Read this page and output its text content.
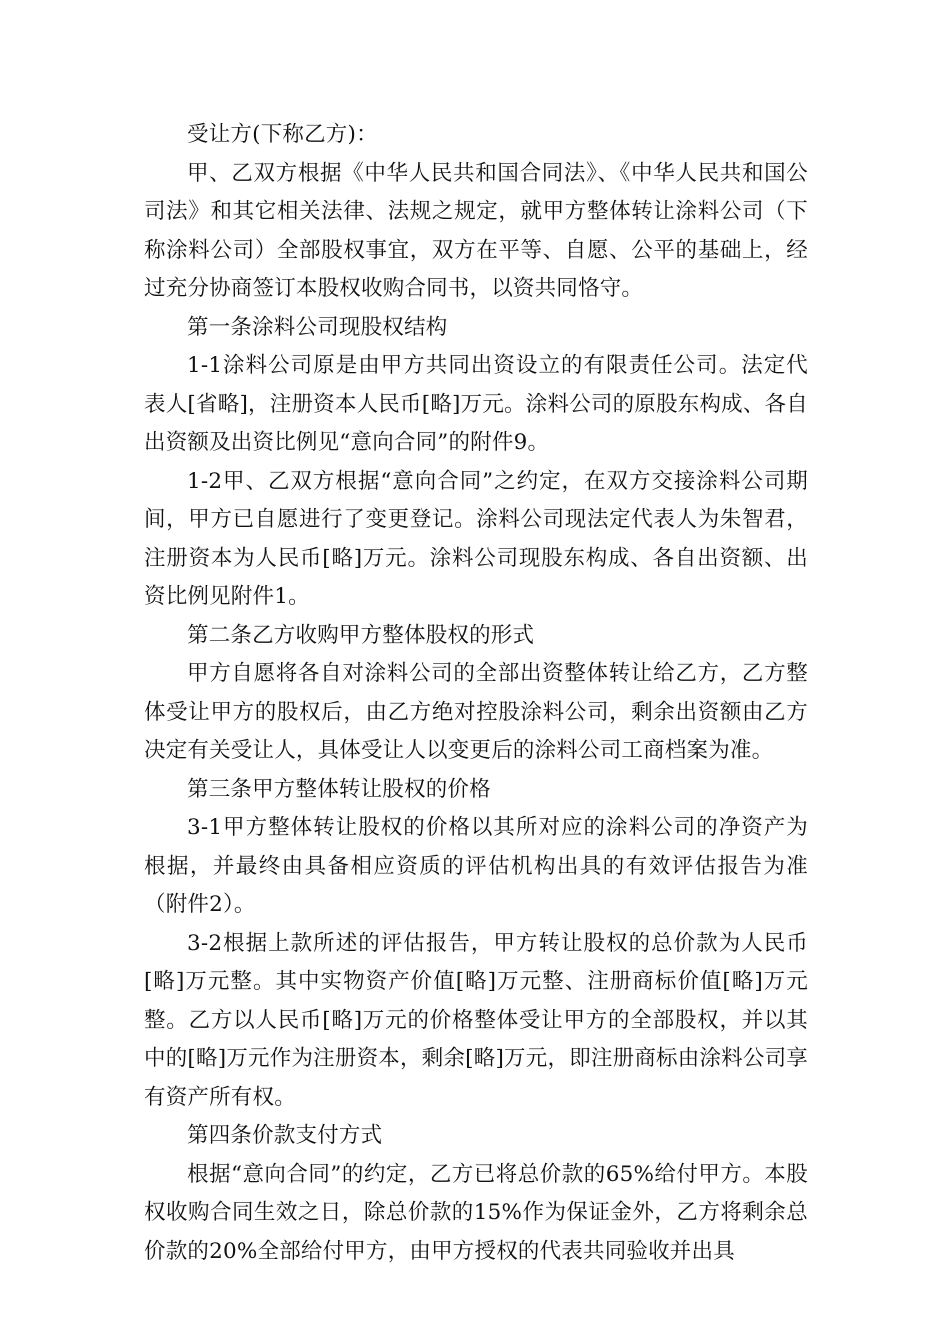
受让方(下称乙方)：

甲、乙双方根据《中华人民共和国合同法》、《中华人民共和国公司法》和其它相关法律、法规之规定，就甲方整体转让涂料公司（下称涂料公司）全部股权事宜，双方在平等、自愿、公平的基础上，经过充分协商签订本股权收购合同书，以资共同恪守。

第一条涂料公司现股权结构

1-1涂料公司原是由甲方共同出资设立的有限责任公司。法定代表人[省略]，注册资本人民币[略]万元。涂料公司的原股东构成、各自出资额及出资比例见“意向合同”的附件9。

1-2甲、乙双方根据“意向合同”之约定，在双方交接涂料公司期间，甲方已自愿进行了变更登记。涂料公司现法定代表人为朱智君，注册资本为人民币[略]万元。涂料公司现股东构成、各自出资额、出资比例见附件1。

第二条乙方收购甲方整体股权的形式

甲方自愿将各自对涂料公司的全部出资整体转让给乙方，乙方整体受让甲方的股权后，由乙方绝对控股涂料公司，剩余出资额由乙方决定有关受让人，具体受让人以变更后的涂料公司工商档案为准。

第三条甲方整体转让股权的价格

3-1甲方整体转让股权的价格以其所对应的涂料公司的净资产为根据，并最终由具备相应资质的评估机构出具的有效评估报告为准（附件2）。

3-2根据上款所述的评估报告，甲方转让股权的总价款为人民币[略]万元整。其中实物资产价值[略]万元整、注册商标价值[略]万元整。乙方以人民币[略]万元的价格整体受让甲方的全部股权，并以其中的[略]万元作为注册资本，剩余[略]万元，即注册商标由涂料公司享有资产所有权。

第四条价款支付方式

根据“意向合同”的约定，乙方已将总价款的65%给付甲方。本股权收购合同生效之日，除总价款的15%作为保证金外，乙方将剩余总价款的20%全部给付甲方，由甲方授权的代表共同验收并出具
